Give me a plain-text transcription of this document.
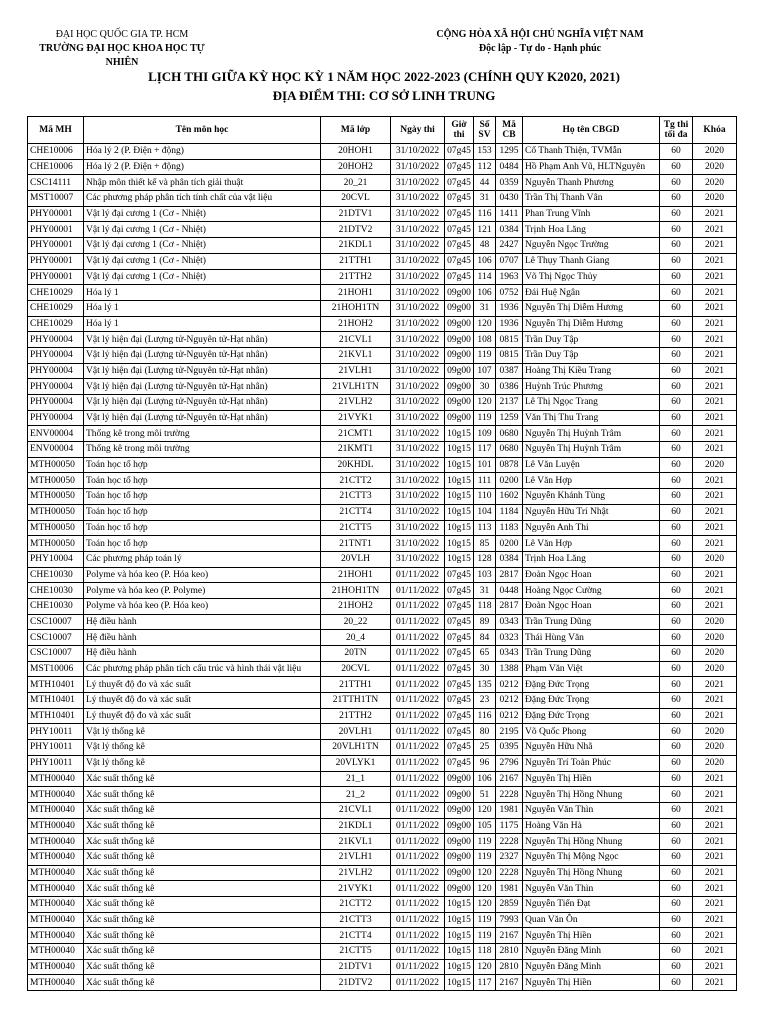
ĐẠI HỌC QUỐC GIA TP. HCM
TRƯỜNG ĐẠI HỌC KHOA HỌC TỰ NHIÊN
CỘNG HÒA XÃ HỘI CHỦ NGHĨA VIỆT NAM
Độc lập - Tự do - Hạnh phúc
LỊCH THI GIỮA KỲ HỌC KỲ 1 NĂM HỌC 2022-2023 (CHÍNH QUY K2020, 2021)
ĐỊA ĐIỂM THI: CƠ SỞ LINH TRUNG
Mã MH	Tên môn học	Mã lớp	Ngày thi	Giờ thi	Số SV	Mã CB	Họ tên CBGD	Tg thi tối đa	Khóa
CHE10006	Hóa lý 2 (P. Điện + động)	20HOH1	31/10/2022	07g45	153	1295	Cổ Thanh Thiện, TVMẫn	60	2020
CHE10006	Hóa lý 2 (P. Điện + động)	20HOH2	31/10/2022	07g45	112	0484	Hồ Phạm Anh Vũ, HLTNguyên	60	2020
CSC14111	Nhập môn thiết kế và phân tích giải thuật	20_21	31/10/2022	07g45	44	0359	Nguyễn Thanh Phương	60	2020
MST10007	Các phương pháp phân tích tính chất của vật liệu	20CVL	31/10/2022	07g45	31	0430	Trần Thị Thanh Vân	60	2020
PHY00001	Vật lý đại cương 1 (Cơ - Nhiệt)	21DTV1	31/10/2022	07g45	116	1411	Phan Trung Vĩnh	60	2021
PHY00001	Vật lý đại cương 1 (Cơ - Nhiệt)	21DTV2	31/10/2022	07g45	121	0384	Trịnh Hoa Lăng	60	2021
PHY00001	Vật lý đại cương 1 (Cơ - Nhiệt)	21KDL1	31/10/2022	07g45	48	2427	Nguyễn Ngọc Trường	60	2021
PHY00001	Vật lý đại cương 1 (Cơ - Nhiệt)	21TTH1	31/10/2022	07g45	106	0707	Lê Thụy Thanh Giang	60	2021
PHY00001	Vật lý đại cương 1 (Cơ - Nhiệt)	21TTH2	31/10/2022	07g45	114	1963	Võ Thị Ngọc Thủy	60	2021
CHE10029	Hóa lý 1	21HOH1	31/10/2022	09g00	106	0752	Đái Huệ Ngân	60	2021
CHE10029	Hóa lý 1	21HOH1TN	31/10/2022	09g00	31	1936	Nguyễn Thị Diễm Hương	60	2021
CHE10029	Hóa lý 1	21HOH2	31/10/2022	09g00	120	1936	Nguyễn Thị Diễm Hương	60	2021
PHY00004	Vật lý hiện đại (Lượng tử-Nguyên tử-Hạt nhân)	21CVL1	31/10/2022	09g00	108	0815	Trần Duy Tập	60	2021
PHY00004	Vật lý hiện đại (Lượng tử-Nguyên tử-Hạt nhân)	21KVL1	31/10/2022	09g00	119	0815	Trần Duy Tập	60	2021
PHY00004	Vật lý hiện đại (Lượng tử-Nguyên tử-Hạt nhân)	21VLH1	31/10/2022	09g00	107	0387	Hoàng Thị Kiều Trang	60	2021
PHY00004	Vật lý hiện đại (Lượng tử-Nguyên tử-Hạt nhân)	21VLH1TN	31/10/2022	09g00	30	0386	Huỳnh Trúc Phương	60	2021
PHY00004	Vật lý hiện đại (Lượng tử-Nguyên tử-Hạt nhân)	21VLH2	31/10/2022	09g00	120	2137	Lê Thị Ngọc Trang	60	2021
PHY00004	Vật lý hiện đại (Lượng tử-Nguyên tử-Hạt nhân)	21VYK1	31/10/2022	09g00	119	1259	Văn Thị Thu Trang	60	2021
ENV00004	Thống kê trong môi trường	21CMT1	31/10/2022	10g15	109	0680	Nguyễn Thị Huỳnh Trâm	60	2021
ENV00004	Thống kê trong môi trường	21KMT1	31/10/2022	10g15	117	0680	Nguyễn Thị Huỳnh Trâm	60	2021
MTH00050	Toán học tổ hợp	20KHDL	31/10/2022	10g15	101	0878	Lê Văn Luyện	60	2020
MTH00050	Toán học tổ hợp	21CTT2	31/10/2022	10g15	111	0200	Lê Văn Hợp	60	2021
MTH00050	Toán học tổ hợp	21CTT3	31/10/2022	10g15	110	1602	Nguyễn Khánh Tùng	60	2021
MTH00050	Toán học tổ hợp	21CTT4	31/10/2022	10g15	104	1184	Nguyễn Hữu Trí Nhật	60	2021
MTH00050	Toán học tổ hợp	21CTT5	31/10/2022	10g15	113	1183	Nguyễn Anh Thi	60	2021
MTH00050	Toán học tổ hợp	21TNT1	31/10/2022	10g15	85	0200	Lê Văn Hợp	60	2021
PHY10004	Các phương pháp toán lý	20VLH	31/10/2022	10g15	128	0384	Trịnh Hoa Lăng	60	2020
CHE10030	Polyme và hóa keo (P. Hóa keo)	21HOH1	01/11/2022	07g45	103	2817	Đoàn Ngọc Hoan	60	2021
CHE10030	Polyme và hóa keo (P. Polyme)	21HOH1TN	01/11/2022	07g45	31	0448	Hoàng Ngọc Cường	60	2021
CHE10030	Polyme và hóa keo (P. Hóa keo)	21HOH2	01/11/2022	07g45	118	2817	Đoàn Ngọc Hoan	60	2021
CSC10007	Hệ điều hành	20_22	01/11/2022	07g45	89	0343	Trần Trung Dũng	60	2020
CSC10007	Hệ điều hành	20_4	01/11/2022	07g45	84	0323	Thái Hùng Văn	60	2020
CSC10007	Hệ điều hành	20TN	01/11/2022	07g45	65	0343	Trần Trung Dũng	60	2020
MST10006	Các phương pháp phân tích cấu trúc và hình thái vật liệu	20CVL	01/11/2022	07g45	30	1388	Phạm Văn Việt	60	2020
MTH10401	Lý thuyết độ đo và xác suất	21TTH1	01/11/2022	07g45	135	0212	Đặng Đức Trọng	60	2021
MTH10401	Lý thuyết độ đo và xác suất	21TTH1TN	01/11/2022	07g45	23	0212	Đặng Đức Trọng	60	2021
MTH10401	Lý thuyết độ đo và xác suất	21TTH2	01/11/2022	07g45	116	0212	Đặng Đức Trọng	60	2021
PHY10011	Vật lý thống kê	20VLH1	01/11/2022	07g45	80	2195	Võ Quốc Phong	60	2020
PHY10011	Vật lý thống kê	20VLH1TN	01/11/2022	07g45	25	0395	Nguyễn Hữu Nhã	60	2020
PHY10011	Vật lý thống kê	20VLYK1	01/11/2022	07g45	96	2796	Nguyễn Trí Toàn Phúc	60	2020
MTH00040	Xác suất thống kê	21_1	01/11/2022	09g00	106	2167	Nguyễn Thị Hiền	60	2021
MTH00040	Xác suất thống kê	21_2	01/11/2022	09g00	51	2228	Nguyễn Thị Hồng Nhung	60	2021
MTH00040	Xác suất thống kê	21CVL1	01/11/2022	09g00	120	1981	Nguyễn Văn Thìn	60	2021
MTH00040	Xác suất thống kê	21KDL1	01/11/2022	09g00	105	1175	Hoàng Văn Hà	60	2021
MTH00040	Xác suất thống kê	21KVL1	01/11/2022	09g00	119	2228	Nguyễn Thị Hồng Nhung	60	2021
MTH00040	Xác suất thống kê	21VLH1	01/11/2022	09g00	119	2327	Nguyễn Thị Mộng Ngọc	60	2021
MTH00040	Xác suất thống kê	21VLH2	01/11/2022	09g00	120	2228	Nguyễn Thị Hồng Nhung	60	2021
MTH00040	Xác suất thống kê	21VYK1	01/11/2022	09g00	120	1981	Nguyễn Văn Thìn	60	2021
MTH00040	Xác suất thống kê	21CTT2	01/11/2022	10g15	120	2859	Nguyễn Tiến Đạt	60	2021
MTH00040	Xác suất thống kê	21CTT3	01/11/2022	10g15	119	7993	Quan Văn Ôn	60	2021
MTH00040	Xác suất thống kê	21CTT4	01/11/2022	10g15	119	2167	Nguyễn Thị Hiền	60	2021
MTH00040	Xác suất thống kê	21CTT5	01/11/2022	10g15	118	2810	Nguyễn Đăng Minh	60	2021
MTH00040	Xác suất thống kê	21DTV1	01/11/2022	10g15	120	2810	Nguyễn Đăng Minh	60	2021
MTH00040	Xác suất thống kê	21DTV2	01/11/2022	10g15	117	2167	Nguyễn Thị Hiền	60	2021
